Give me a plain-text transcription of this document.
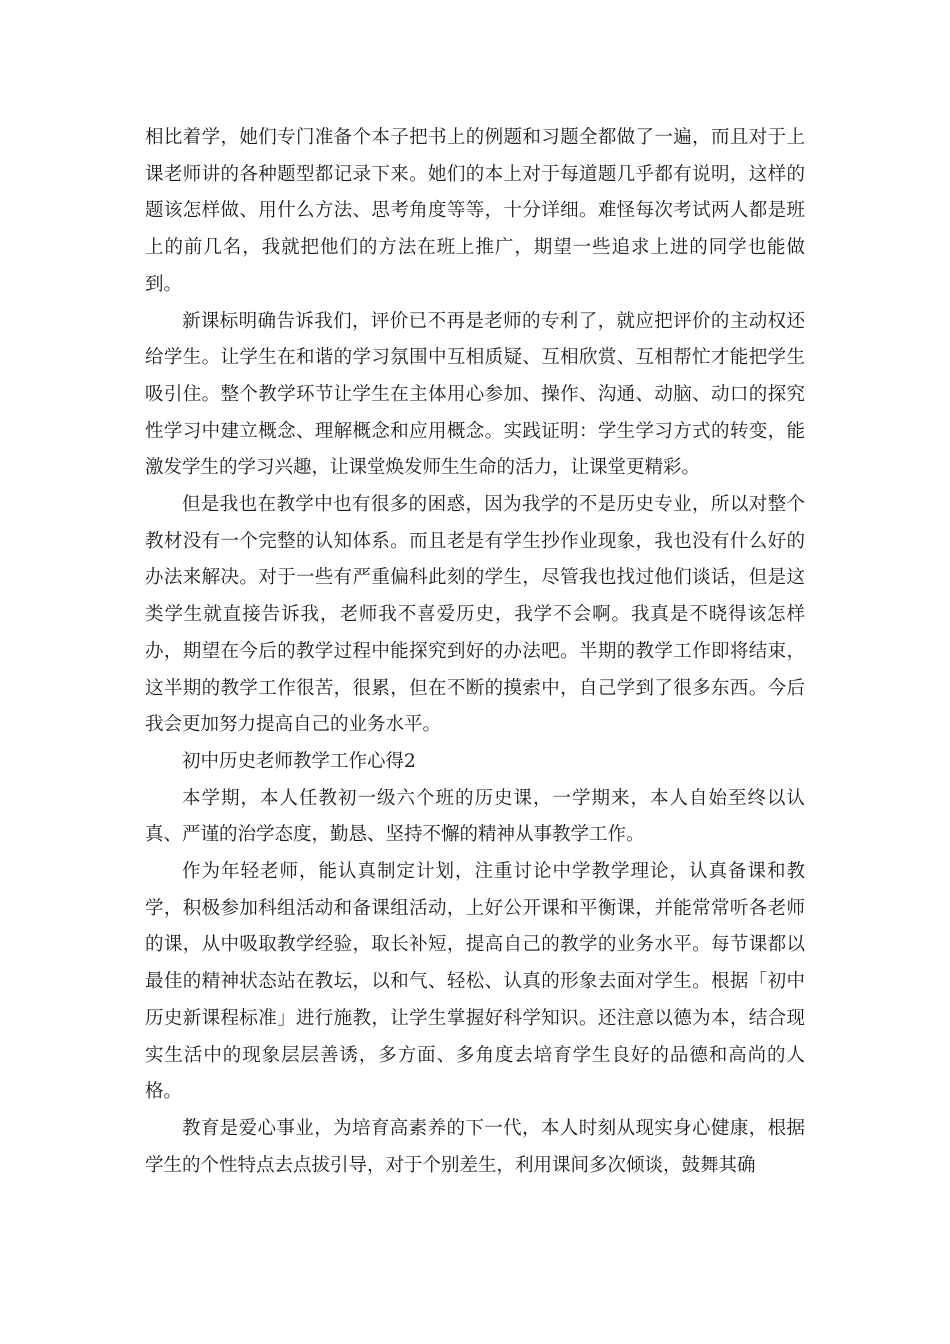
相比着学，她们专门准备个本子把书上的例题和习题全都做了一遍，而且对于上课老师讲的各种题型都记录下来。她们的本上对于每道题几乎都有说明，这样的题该怎样做、用什么方法、思考角度等等，十分详细。难怪每次考试两人都是班上的前几名，我就把他们的方法在班上推广，期望一些追求上进的同学也能做到。

新课标明确告诉我们，评价已不再是老师的专利了，就应把评价的主动权还给学生。让学生在和谐的学习氛围中互相质疑、互相欣赏、互相帮忙才能把学生吸引住。整个教学环节让学生在主体用心参加、操作、沟通、动脑、动口的探究性学习中建立概念、理解概念和应用概念。实践证明：学生学习方式的转变，能激发学生的学习兴趣，让课堂焕发师生生命的活力，让课堂更精彩。

但是我也在教学中也有很多的困惑，因为我学的不是历史专业，所以对整个教材没有一个完整的认知体系。而且老是有学生抄作业现象，我也没有什么好的办法来解决。对于一些有严重偏科此刻的学生，尽管我也找过他们谈话，但是这类学生就直接告诉我，老师我不喜爱历史，我学不会啊。我真是不晓得该怎样办，期望在今后的教学过程中能探究到好的办法吧。半期的教学工作即将结束，这半期的教学工作很苦，很累，但在不断的摸索中，自己学到了很多东西。今后我会更加努力提高自己的业务水平。

初中历史老师教学工作心得2

本学期，本人任教初一级六个班的历史课，一学期来，本人自始至终以认真、严谨的治学态度，勤恳、坚持不懈的精神从事教学工作。

作为年轻老师，能认真制定计划，注重讨论中学教学理论，认真备课和教学，积极参加科组活动和备课组活动，上好公开课和平衡课，并能常常听各老师的课，从中吸取教学经验，取长补短，提高自己的教学的业务水平。每节课都以最佳的精神状态站在教坛，以和气、轻松、认真的形象去面对学生。根据「初中历史新课程标准」进行施教，让学生掌握好科学知识。还注意以德为本，结合现实生活中的现象层层善诱，多方面、多角度去培育学生良好的品德和高尚的人格。

教育是爱心事业，为培育高素养的下一代，本人时刻从现实身心健康，根据学生的个性特点去点拔引导，对于个别差生，利用课间多次倾谈，鼓舞其确
